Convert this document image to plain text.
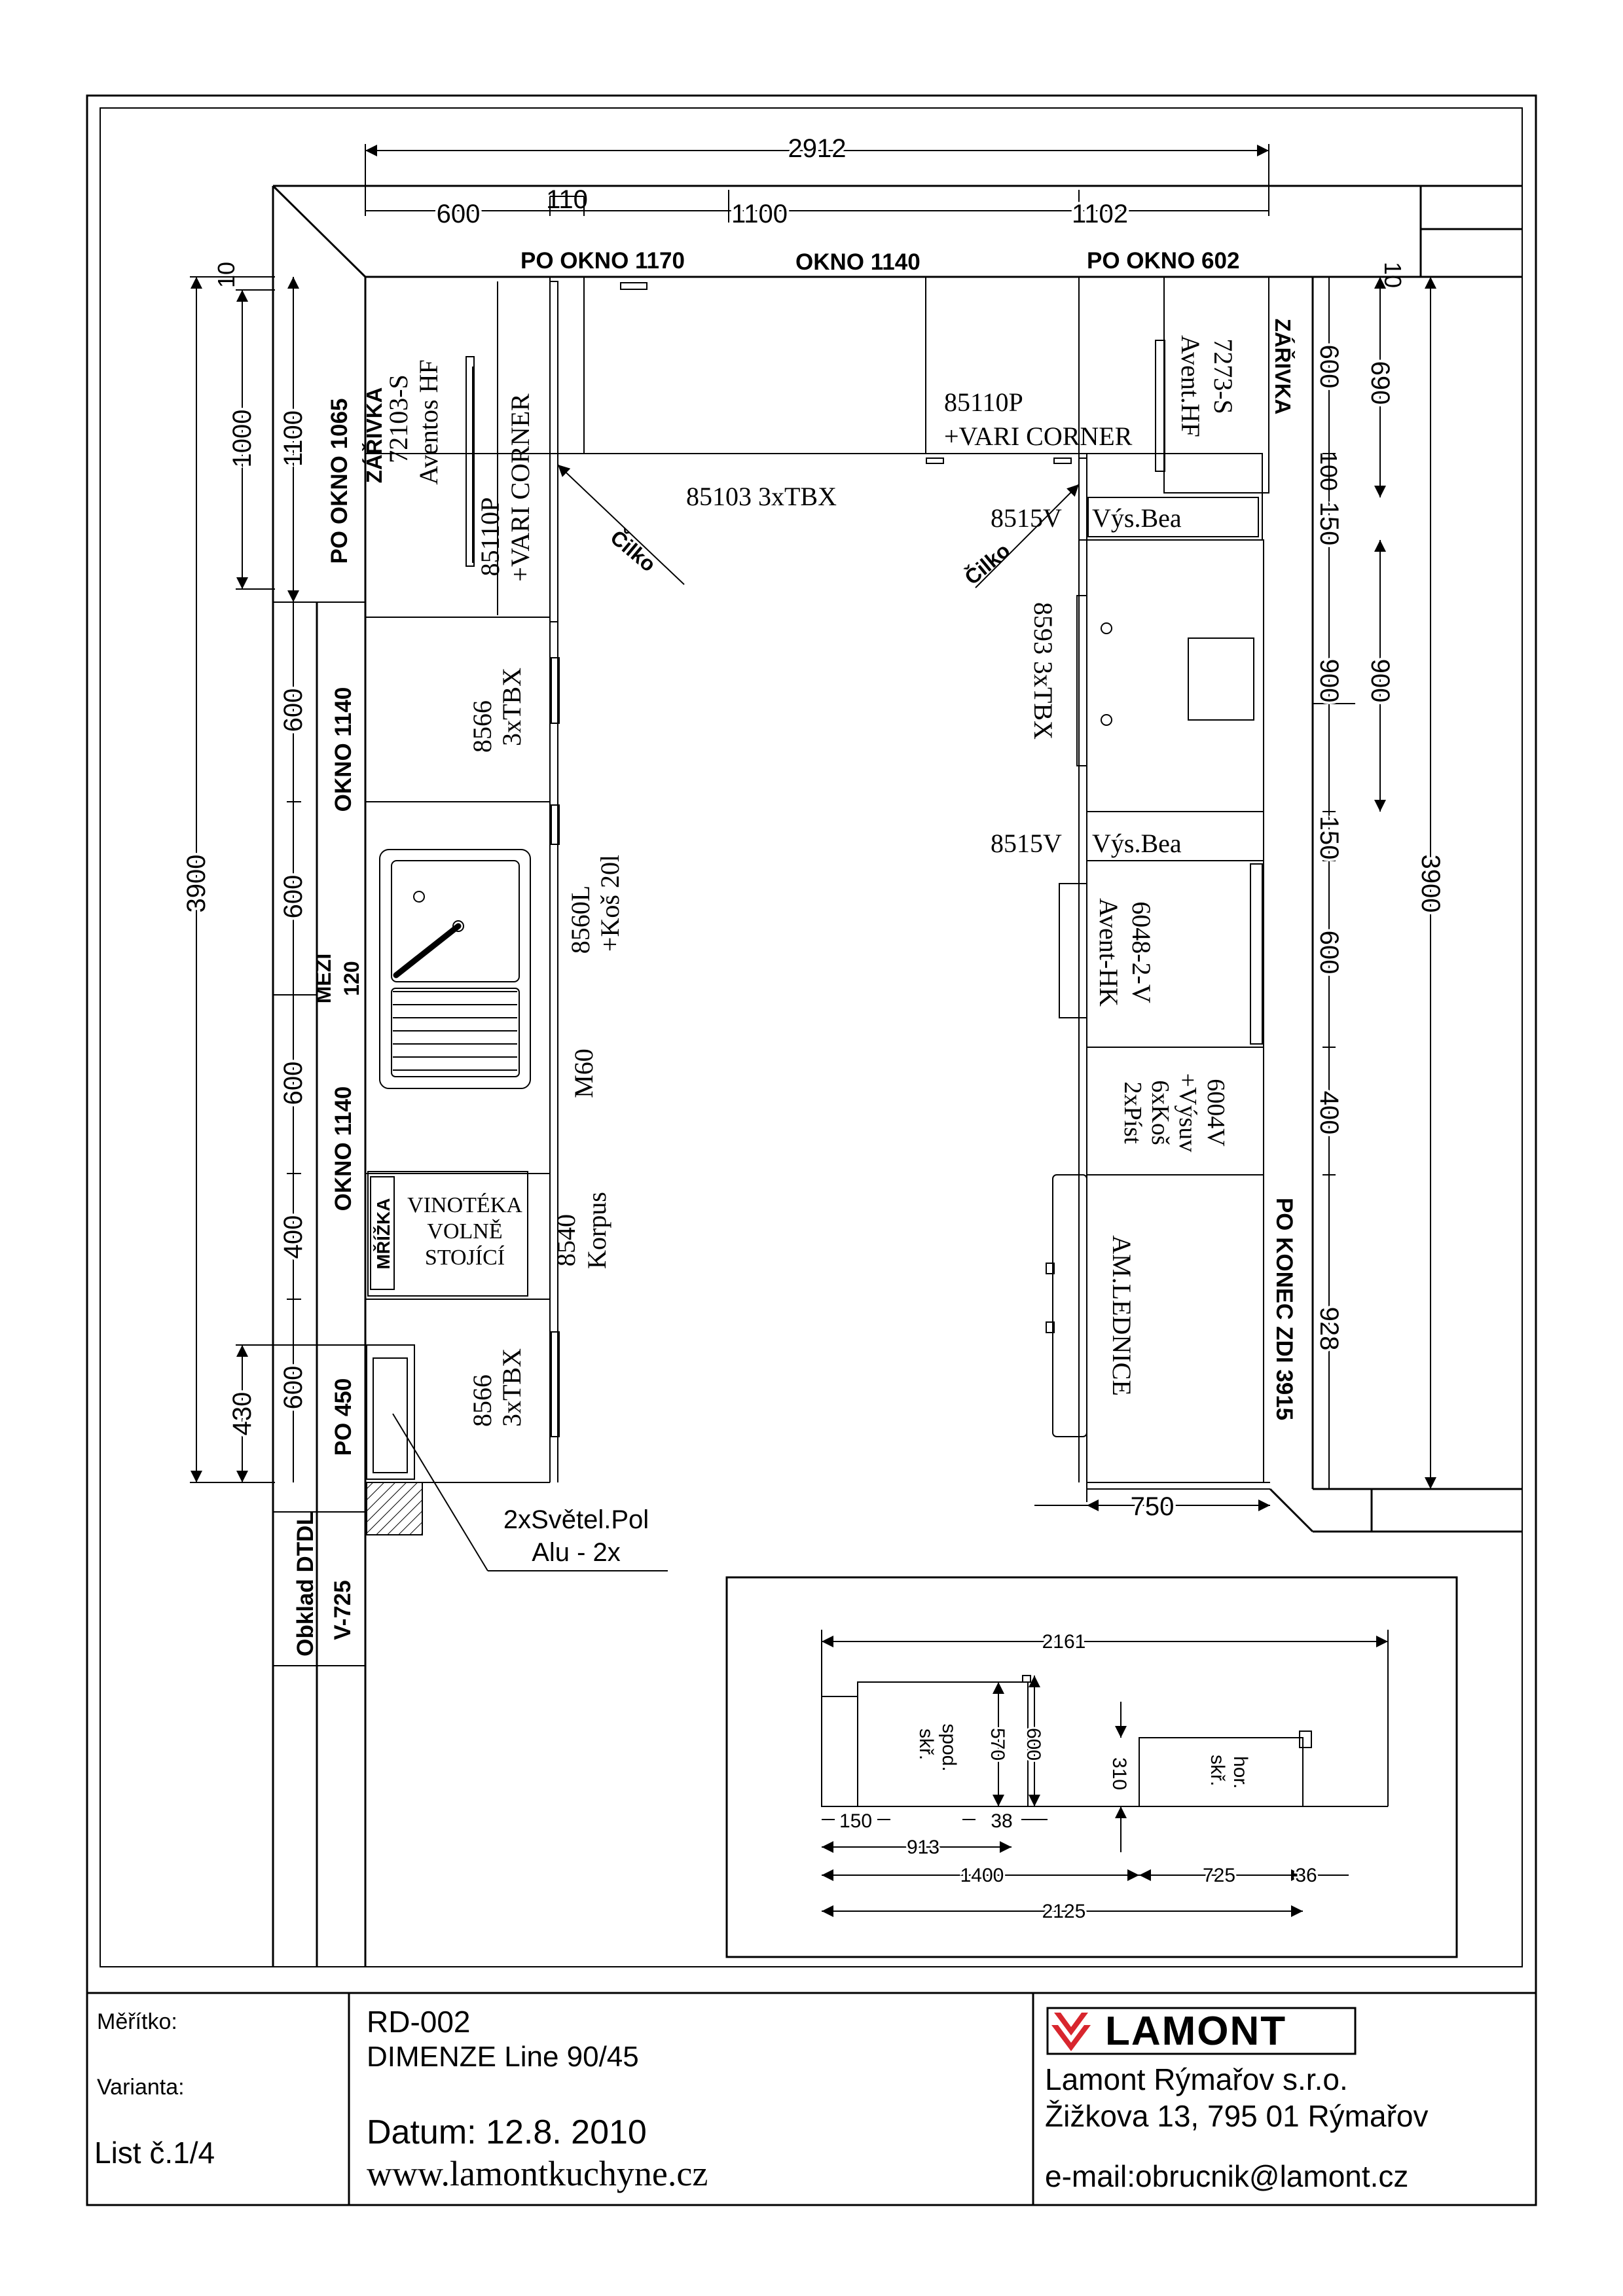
2912
600	110	1100	1102
PO OKNO 1170	OKNO 1140	PO OKNO 602
85110P
+VARI CORNER
85103 3xTBX
10
1000 1100
3900
600
600
600
400
600
430
PO OKNO 1065
OKNO 1140
MEZI 120
OKNO 1140
PO 450
Obklad DTDL V-725
ZÁŘIVKA
72103-S Aventos HF
85110P +VARI CORNER	Čilko
8566 3xTBX
8560L +Koš 20l
M60
MŘÍŽKA VINOTÉKA
VOLNĚ
STOJÍCÍ 8540 Korpus
8566 3xTBX
2xSvětel.Pol
Alu - 2x
10
600 690
100
150
900 900
150
3900
600
400
928
750
ZÁŘIVKA
7273-S
Avent.HF
8515V Výs.Bea
Čilko
8593 3xTBX
8515V Výs.Bea
6048-2-V
Avent-HK
6004V
+Výsuv
6xKoš
2xPíst
AM.LEDNICE	PO KONEC ZDI 3915
2161
spod.
skř.	570 600
310	hor.
skř.
150	38
913
1400	725	36
2125
Měřítko:
Varianta:
List č.1/4
RD-002
DIMENZE Line 90/45
Datum: 12.8. 2010
www.lamontkuchyne.cz
LAMONT
Lamont Rýmařov s.r.o.
Žižkova 13, 795 01 Rýmařov
e-mail:obrucnik@lamont.cz
